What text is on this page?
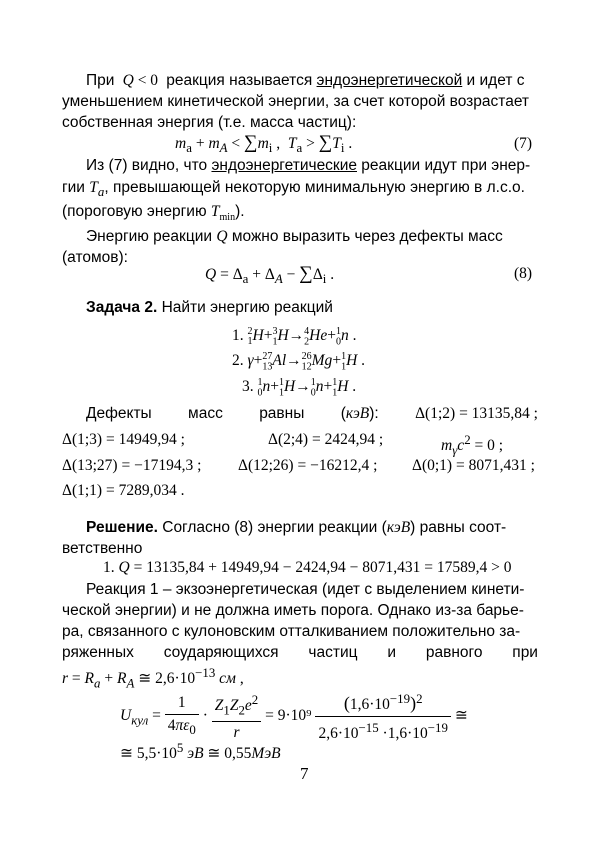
При  Q < 0  реакция называется эндоэнергетической и идет с
уменьшением кинетической энергии, за счет которой возрастает
собственная энергия (т.е. масса частиц):
$m_a + m_A < \sum m_i$ ,  $T_a > \sum T_i$ .	(7)
Из (7) видно, что эндоэнергетические реакции идут при энер-
гии $T_a$, превышающей некоторую минимальную энергию в л.с.о.
(пороговую энергию $T_{min}$).
Энергию реакции Q можно выразить через дефекты масс
(атомов):
$Q = \Delta_a + \Delta_A - \sum\Delta_i$ .	(8)
Задача 2. Найти энергию реакций
1. $_1^2H+_1^3H\to_2^4He+_0^1n$ .
2. $\gamma+_{13}^{27}Al\to_{12}^{26}Mg+_1^1H$ .
3. $_0^1n+_1^1H\to_0^1n+_1^1H$ .
Дефекты масс равны (кэВ): Δ(1;2) = 13135,84 ;
Δ(1;3) = 14949,94 ;	Δ(2;4) = 2424,94 ;	$m_\gamma c^2 = 0$ ;
Δ(13;27) = −17194,3 ; Δ(12;26) = −16212,4 ; Δ(0;1) = 8071,431 ;
Δ(1;1) = 7289,034 .
Решение. Согласно (8) энергии реакции (кэВ) равны соот-
ветственно
1. Q = 13135,84 + 14949,94 − 2424,94 − 8071,431 = 17589,4 > 0
Реакция 1 – экзоэнергетическая (идет с выделением кинети-
ческой энергии) и не должна иметь порога. Однако из-за барье-
ра, связанного с кулоновским отталкиванием положительно за-
ряженных соударяющихся частиц и равного при
$r = R_a + R_A$ ≅ $2,6\cdot 10^{-13}$ см ,
$U_{кул} = \frac{1}{4\pi\varepsilon_0} \cdot \frac{Z_1Z_2e^2}{r} = 9\cdot 10^9 \frac{(1,6\cdot 10^{-19})^2}{2,6\cdot 10^{-15} \cdot 1,6\cdot 10^{-19}}$ ≅
≅ $5,5\cdot 10^5$ эВ ≅ 0,55МэВ
7
